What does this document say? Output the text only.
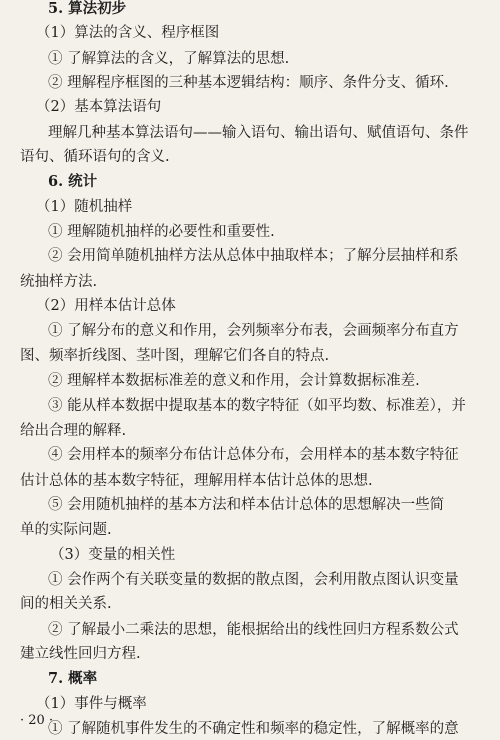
5. 算法初步
（1）算法的含义、程序框图
① 了解算法的含义，了解算法的思想.
② 理解程序框图的三种基本逻辑结构：顺序、条件分支、循环.
（2）基本算法语句
理解几种基本算法语句——输入语句、输出语句、赋值语句、条件
语句、循环语句的含义.
6. 统计
（1）随机抽样
① 理解随机抽样的必要性和重要性.
② 会用简单随机抽样方法从总体中抽取样本；了解分层抽样和系
统抽样方法.
（2）用样本估计总体
① 了解分布的意义和作用，会列频率分布表，会画频率分布直方
图、频率折线图、茎叶图，理解它们各自的特点.
② 理解样本数据标准差的意义和作用，会计算数据标准差.
③ 能从样本数据中提取基本的数字特征（如平均数、标准差），并
给出合理的解释.
④ 会用样本的频率分布估计总体分布，会用样本的基本数字特征
估计总体的基本数字特征，理解用样本估计总体的思想.
⑤ 会用随机抽样的基本方法和样本估计总体的思想解决一些简
单的实际问题.
（3）变量的相关性
① 会作两个有关联变量的数据的散点图，会利用散点图认识变量
间的相关关系.
② 了解最小二乘法的思想，能根据给出的线性回归方程系数公式
建立线性回归方程.
7. 概率
（1）事件与概率
① 了解随机事件发生的不确定性和频率的稳定性，了解概率的意
· 20 ·
